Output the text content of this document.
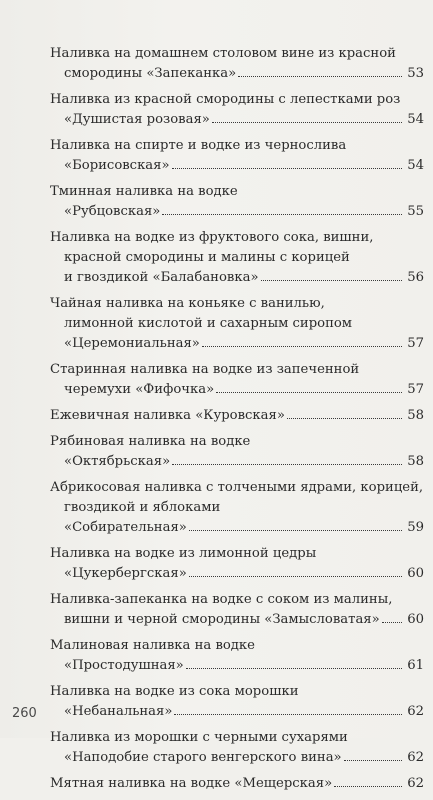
Наливка на домашнем столовом вине из красной
смородины «Запеканка»	53
Наливка из красной смородины с лепестками роз
«Душистая розовая»	54
Наливка на спирте и водке из чернослива
«Борисовская»	54
Тминная наливка на водке
«Рубцовская»	55
Наливка на водке из фруктового сока, вишни,
красной смородины и малины с корицей
и гвоздикой «Балабановка»	56
Чайная наливка на коньяке с ванилью,
лимонной кислотой и сахарным сиропом
«Церемониальная»	57
Старинная наливка на водке из запеченной
черемухи «Фифочка»	57
Ежевичная наливка «Куровская»	58
Рябиновая наливка на водке
«Октябрьская»	58
Абрикосовая наливка с толчеными ядрами, корицей,
гвоздикой и яблоками
«Собирательная»	59
Наливка на водке из лимонной цедры
«Цукербергская»	60
Наливка-запеканка на водке с соком из малины,
вишни и черной смородины «Замысловатая» 60
Малиновая наливка на водке
«Простодушная»	61
Наливка на водке из сока морошки
«Небанальная»	62
Наливка из морошки с черными сухарями
«Наподобие старого венгерского вина»	62
Мятная наливка на водке «Мещерская»	62
260
